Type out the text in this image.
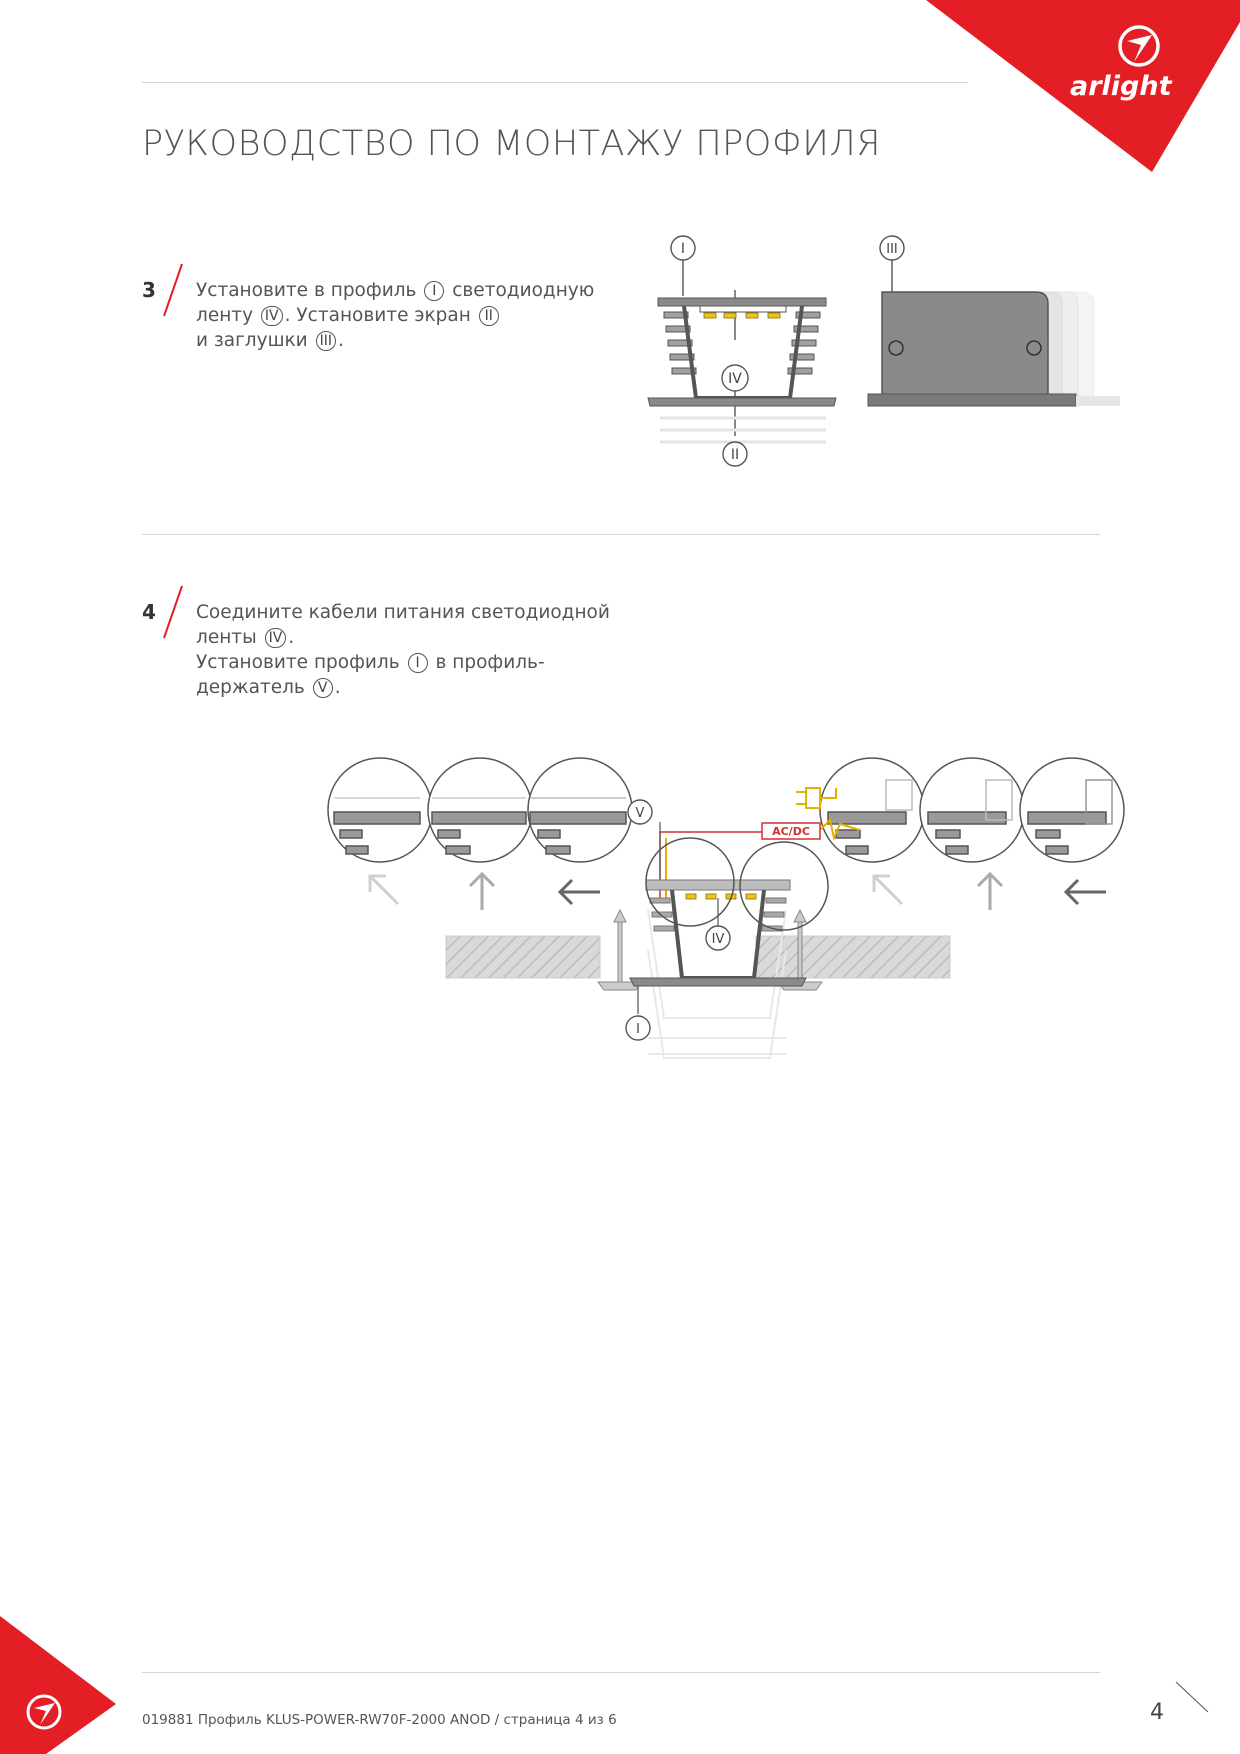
arlight
РУКОВОДСТВО ПО МОНТАЖУ ПРОФИЛЯ
3 Установите в профиль I светодиодную
ленту IV . Установите экран II
и заглушки III .
I
IV
II
III
4 Соедините кабели питания светодиодной
ленты IV .
Установите профиль I в профиль-
держатель V .
AC/DC
V
IV
I
019881 Профиль KLUS-POWER-RW70F-2000 ANOD / страница 4 из 6	4
